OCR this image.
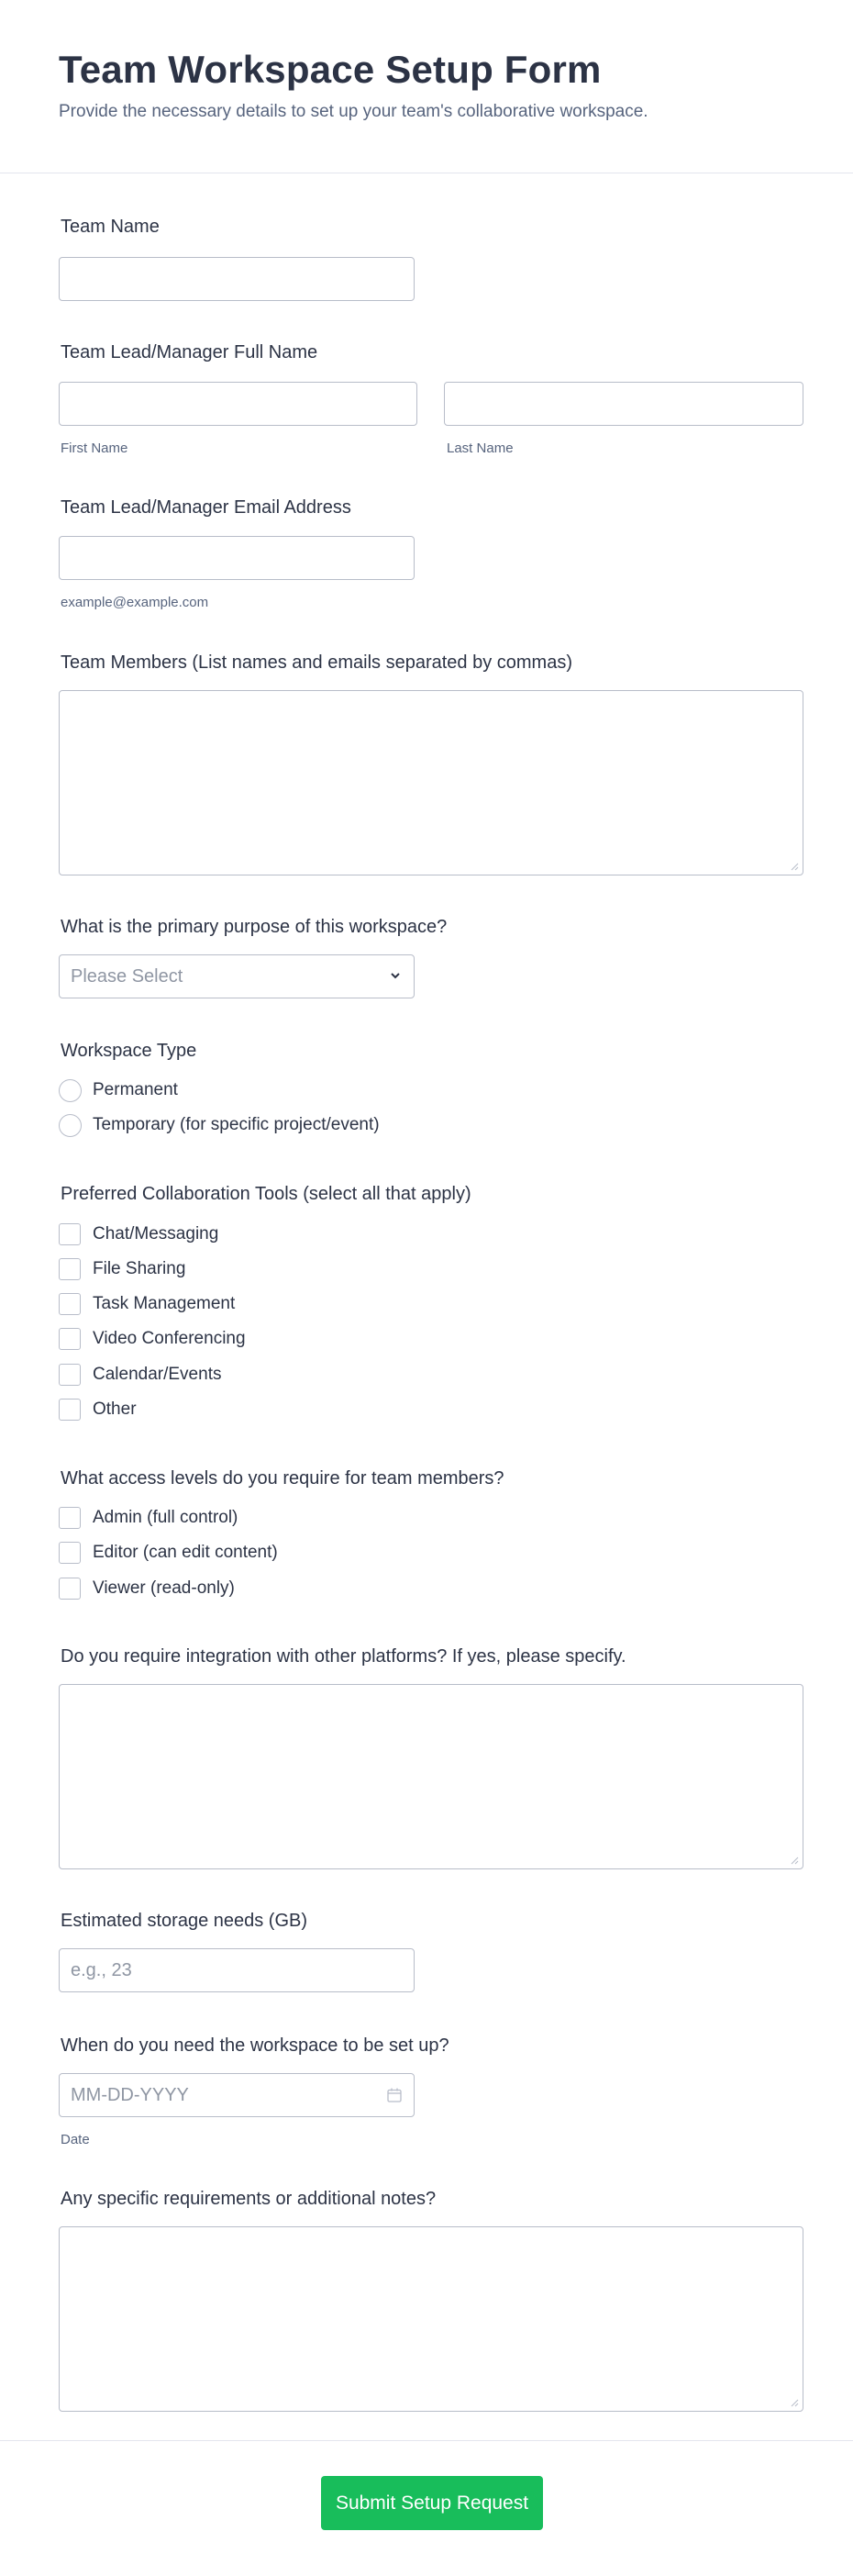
Team Workspace Setup Form

Provide the necessary details to set up your team's collaborative workspace.

Team Name
Team Lead/Manager Full Name
First Name	Last Name
Team Lead/Manager Email Address
example@example.com
Team Members (List names and emails separated by commas)
What is the primary purpose of this workspace?
Please Select
Workspace Type
Permanent
Temporary (for specific project/event)
Preferred Collaboration Tools (select all that apply)
Chat/Messaging
File Sharing
Task Management
Video Conferencing
Calendar/Events
Other
What access levels do you require for team members?
Admin (full control)
Editor (can edit content)
Viewer (read-only)
Do you require integration with other platforms? If yes, please specify.
Estimated storage needs (GB)
e.g., 23
When do you need the workspace to be set up?
MM-DD-YYYY
Date
Any specific requirements or additional notes?
Submit Setup Request
